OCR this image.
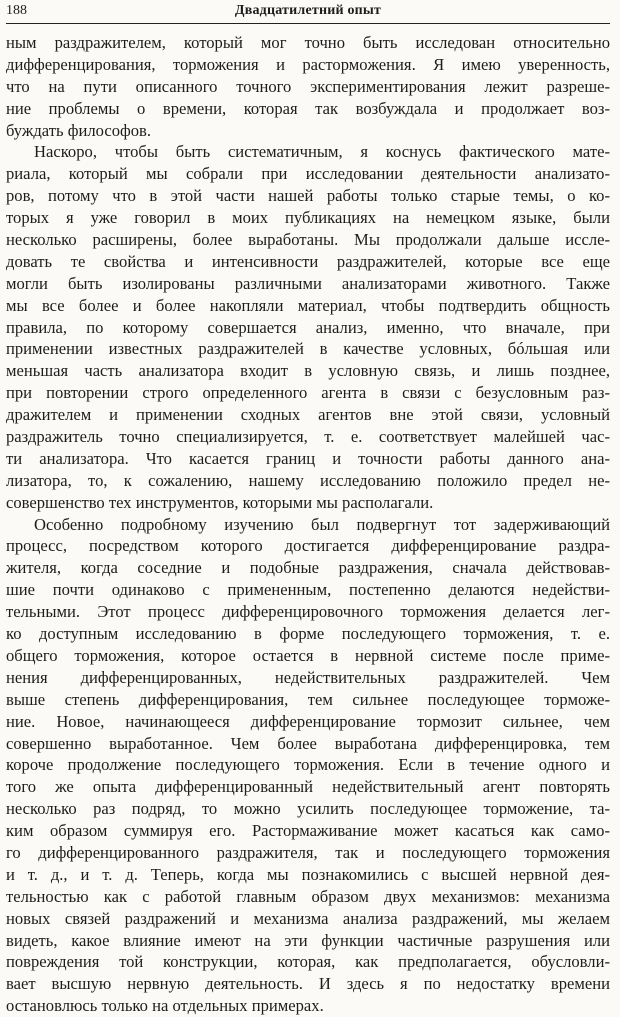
188	Двадцатилетний опыт
ным раздражителем, который мог точно быть исследован относительно
дифференцирования, торможения и растормoжения. Я имею уверенность,
что на пути описанного точного экспериментирования лежит разреше-
ние проблемы о времени, которая так возбуждала и продолжает воз-
буждать философов.
Наскоро, чтобы быть систематичным, я коснусь фактического мате-
риала, который мы собрали при исследовании деятельности анализато-
ров, потому что в этой части нашей работы только старые темы, о ко-
торых я уже говорил в моих публикациях на немецком языке, были
несколько расширены, более выработаны. Мы продолжали дальше иссле-
довать те свойства и интенсивности раздражителей, которые все еще
могли быть изолированы различными анализаторами животного. Также
мы все более и более накопляли материал, чтобы подтвердить общность
правила, по которому совершается анализ, именно, что вначале, при
применении известных раздражителей в качестве условных, бóльшая или
меньшая часть анализатора входит в условную связь, и лишь позднее,
при повторении строго определенного агента в связи с безусловным раз-
дражителем и применении сходных агентов вне этой связи, условный
раздражитель точно специализируется, т. е. соответствует малейшей час-
ти анализатора. Что касается границ и точности работы данного ана-
лизатора, то, к сожалению, нашему исследованию положило предел не-
совершенство тех инструментов, которыми мы располагали.
Особенно подробному изучению был подвергнут тот задерживающий
процесс, посредством которого достигается дифференцирование раздра-
жителя, когда соседние и подобные раздражения, сначала действовав-
шие почти одинаково с примененным, постепенно делаются недействи-
тельными. Этот процесс дифференцировочного торможения делается лег-
ко доступным исследованию в форме последующего торможения, т. е.
общего торможения, которое остается в нервной системе после приме-
нения дифференцированных, недействительных раздражителей. Чем
выше степень дифференцирования, тем сильнее последующее торможе-
ние. Новое, начинающееся дифференцирование тормозит сильнее, чем
совершенно выработанное. Чем более выработана дифференцировка, тем
короче продолжение последующего торможения. Если в течение одного и
того же опыта дифференцированный недействительный агент повторять
несколько раз подряд, то можно усилить последующее торможение, та-
ким образом суммируя его. Растормаживание может касаться как само-
го дифференцированного раздражителя, так и последующего торможения
и т. д., и т. д. Теперь, когда мы познакомились с высшей нервной дея-
тельностью как с работой главным образом двух механизмов: механизма
новых связей раздражений и механизма анализа раздражений, мы желаем
видеть, какое влияние имеют на эти функции частичные разрушения или
повреждения той конструкции, которая, как предполагается, обусловли-
вает высшую нервную деятельность. И здесь я по недостатку времени
остановлюсь только на отдельных примерах.
